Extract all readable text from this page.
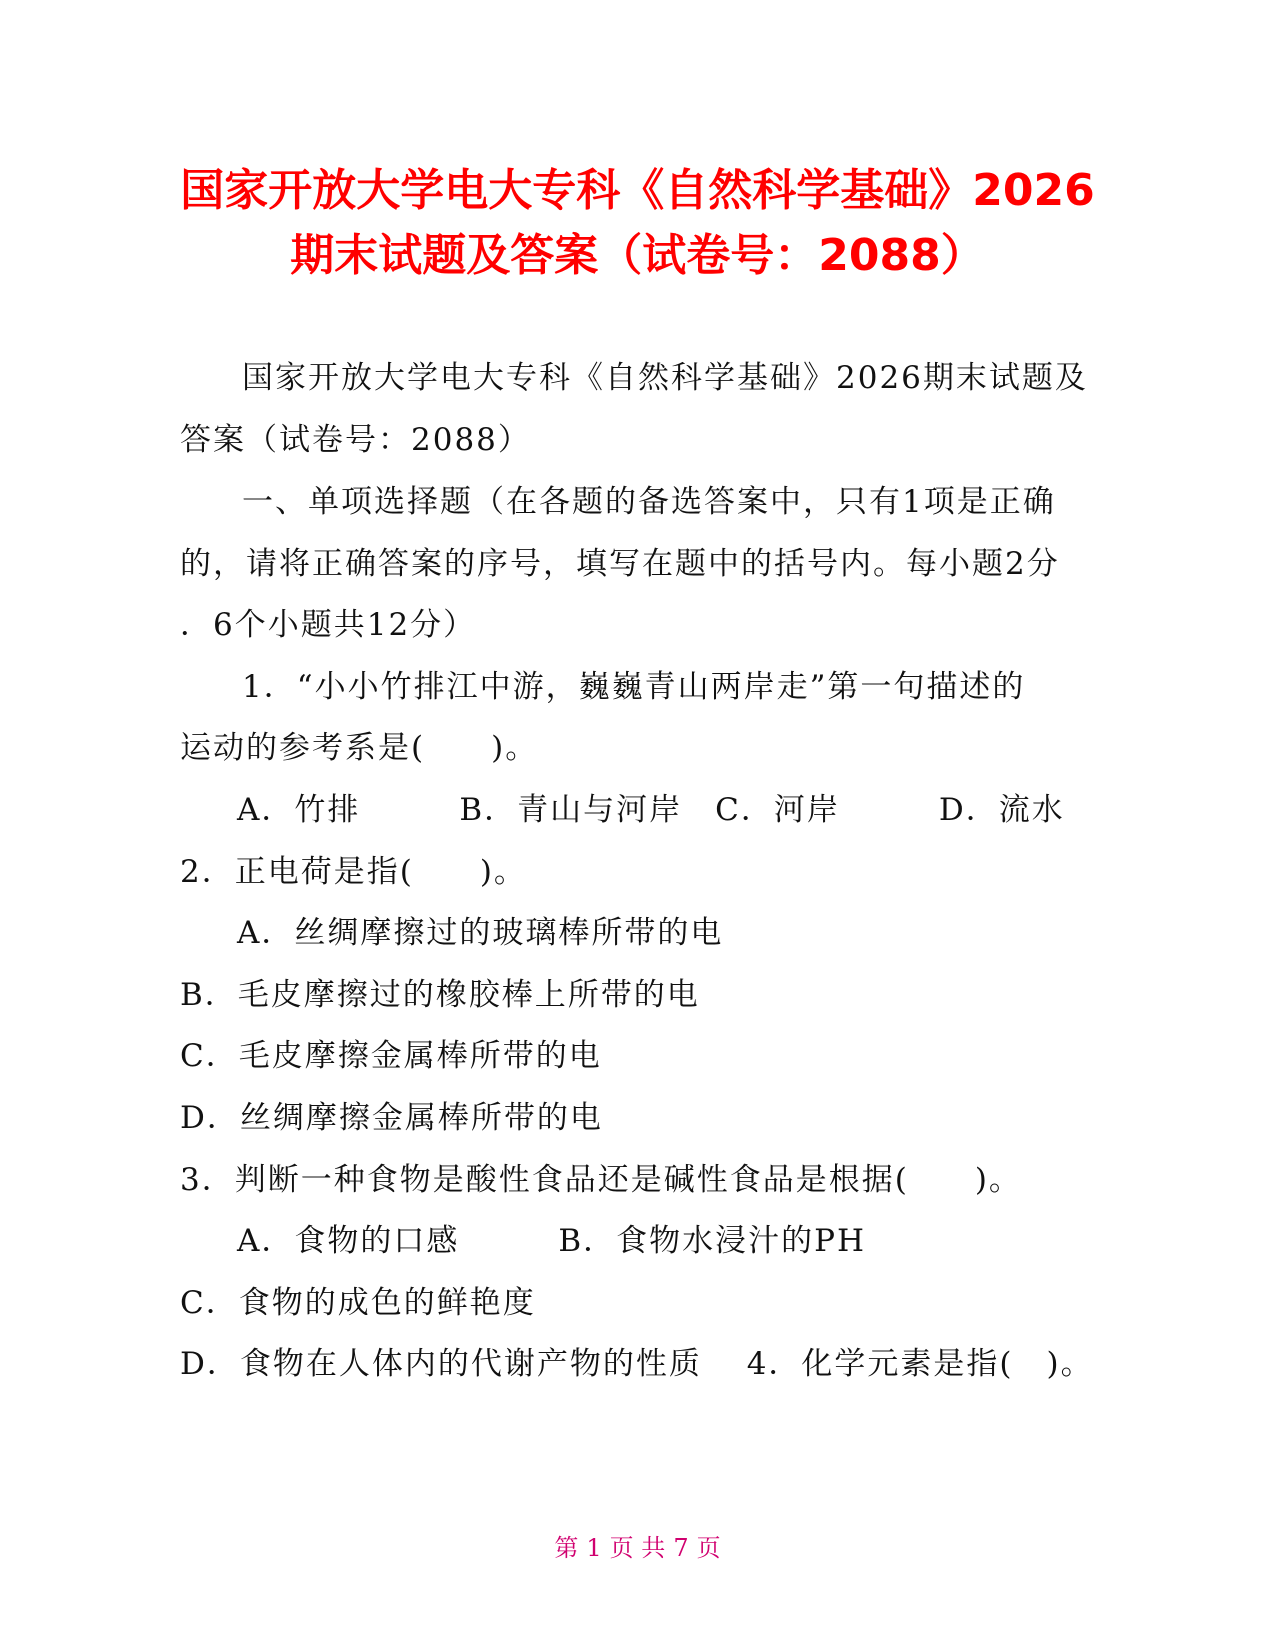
国家开放大学电大专科《自然科学基础》2026
期末试题及答案（试卷号：2088）
国家开放大学电大专科《自然科学基础》2026期末试题及
答案（试卷号：2088）
一、单项选择题（在各题的备选答案中，只有1项是正确
的，请将正确答案的序号，填写在题中的括号内。每小题2分
．6个小题共12分）
1．“小小竹排江中游，巍巍青山两岸走”第一句描述的
运动的参考系是(　　)。
A．竹排　　　B．青山与河岸　C．河岸　　　D．流水
2．正电荷是指(　　)。
A．丝绸摩擦过的玻璃棒所带的电
B．毛皮摩擦过的橡胶棒上所带的电
C．毛皮摩擦金属棒所带的电
D．丝绸摩擦金属棒所带的电
3．判断一种食物是酸性食品还是碱性食品是根据(　　)。
A．食物的口感　　　B．食物水浸汁的PH
C．食物的成色的鲜艳度
D．食物在人体内的代谢产物的性质　 4．化学元素是指(　)。
第 1 页 共 7 页
